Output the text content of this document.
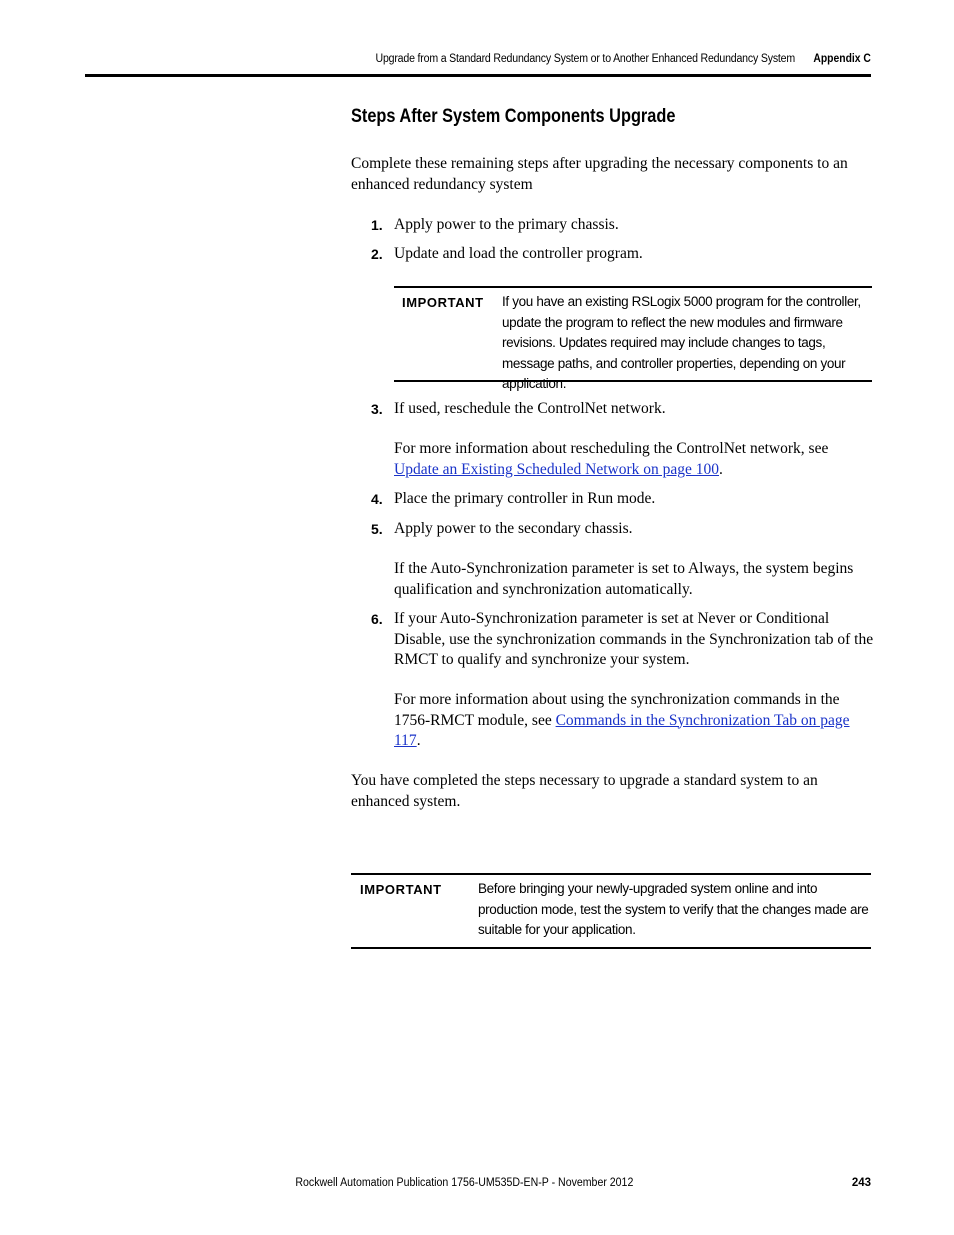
Upgrade from a Standard Redundancy System or to Another Enhanced Redundancy System Appendix C
Steps After System Components Upgrade
Complete these remaining steps after upgrading the necessary components to an enhanced redundancy system
1. Apply power to the primary chassis.
2. Update and load the controller program.
IMPORTANT If you have an existing RSLogix 5000 program for the controller, update the program to reflect the new modules and firmware revisions. Updates required may include changes to tags, message paths, and controller properties, depending on your application.
3. If used, reschedule the ControlNet network.
For more information about rescheduling the ControlNet network, see Update an Existing Scheduled Network on page 100.
4. Place the primary controller in Run mode.
5. Apply power to the secondary chassis.
If the Auto-Synchronization parameter is set to Always, the system begins qualification and synchronization automatically.
6. If your Auto-Synchronization parameter is set at Never or Conditional Disable, use the synchronization commands in the Synchronization tab of the RMCT to qualify and synchronize your system.
For more information about using the synchronization commands in the 1756-RMCT module, see Commands in the Synchronization Tab on page 117.
You have completed the steps necessary to upgrade a standard system to an enhanced system.
IMPORTANT	Before bringing your newly-upgraded system online and into production mode, test the system to verify that the changes made are suitable for your application.
Rockwell Automation Publication 1756-UM535D-EN-P - November 2012	243
